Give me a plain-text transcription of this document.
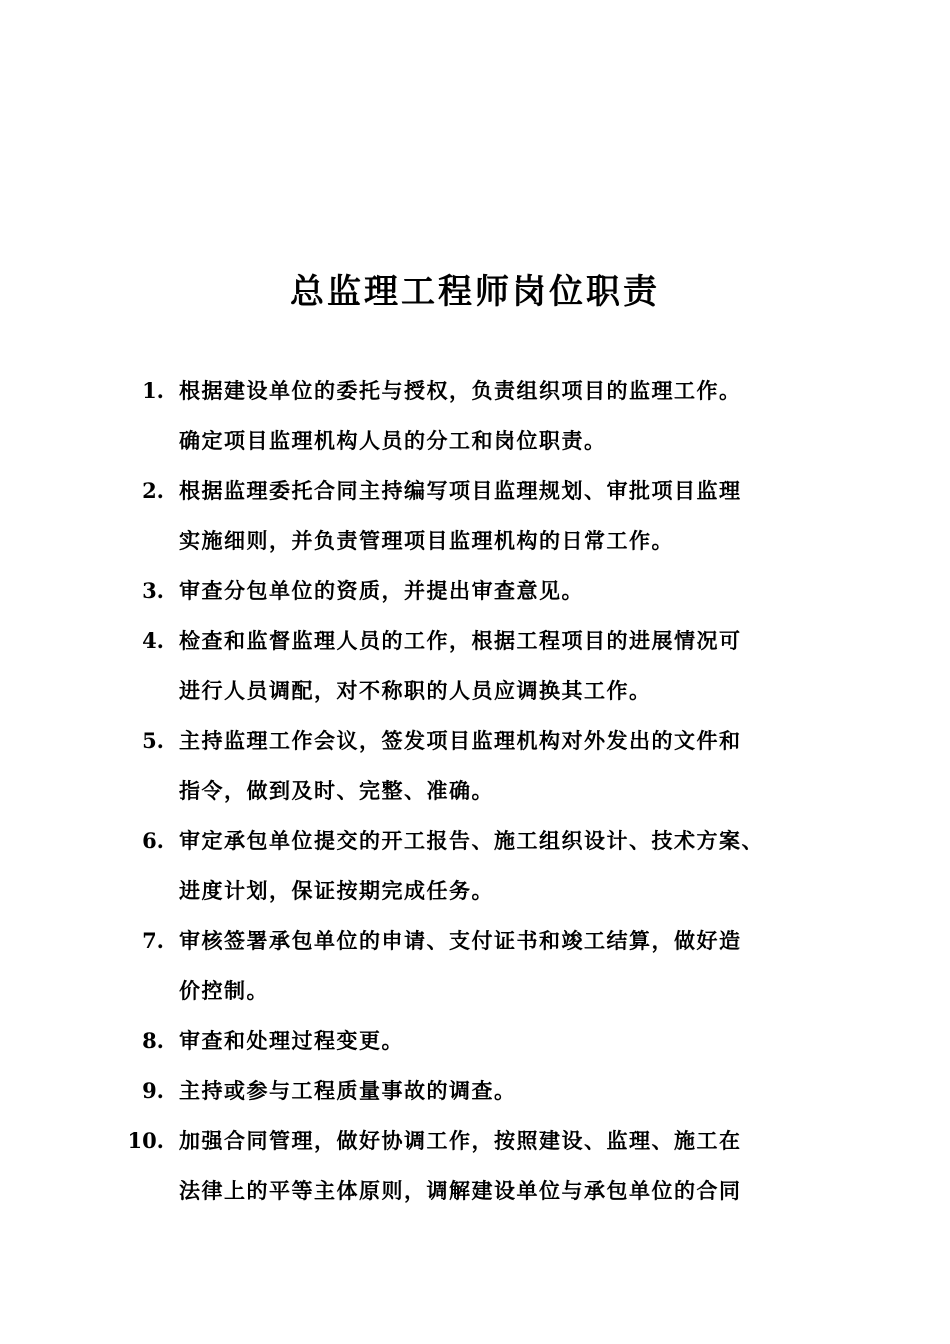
总监理工程师岗位职责
1. 根据建设单位的委托与授权，负责组织项目的监理工作。
确定项目监理机构人员的分工和岗位职责。
2. 根据监理委托合同主持编写项目监理规划、审批项目监理
实施细则，并负责管理项目监理机构的日常工作。
3. 审查分包单位的资质，并提出审查意见。
4. 检查和监督监理人员的工作，根据工程项目的进展情况可
进行人员调配，对不称职的人员应调换其工作。
5. 主持监理工作会议，签发项目监理机构对外发出的文件和
指令，做到及时、完整、准确。
6. 审定承包单位提交的开工报告、施工组织设计、技术方案、
进度计划，保证按期完成任务。
7. 审核签署承包单位的申请、支付证书和竣工结算，做好造
价控制。
8. 审查和处理过程变更。
9. 主持或参与工程质量事故的调查。
10. 加强合同管理，做好协调工作，按照建设、监理、施工在
法律上的平等主体原则，调解建设单位与承包单位的合同
